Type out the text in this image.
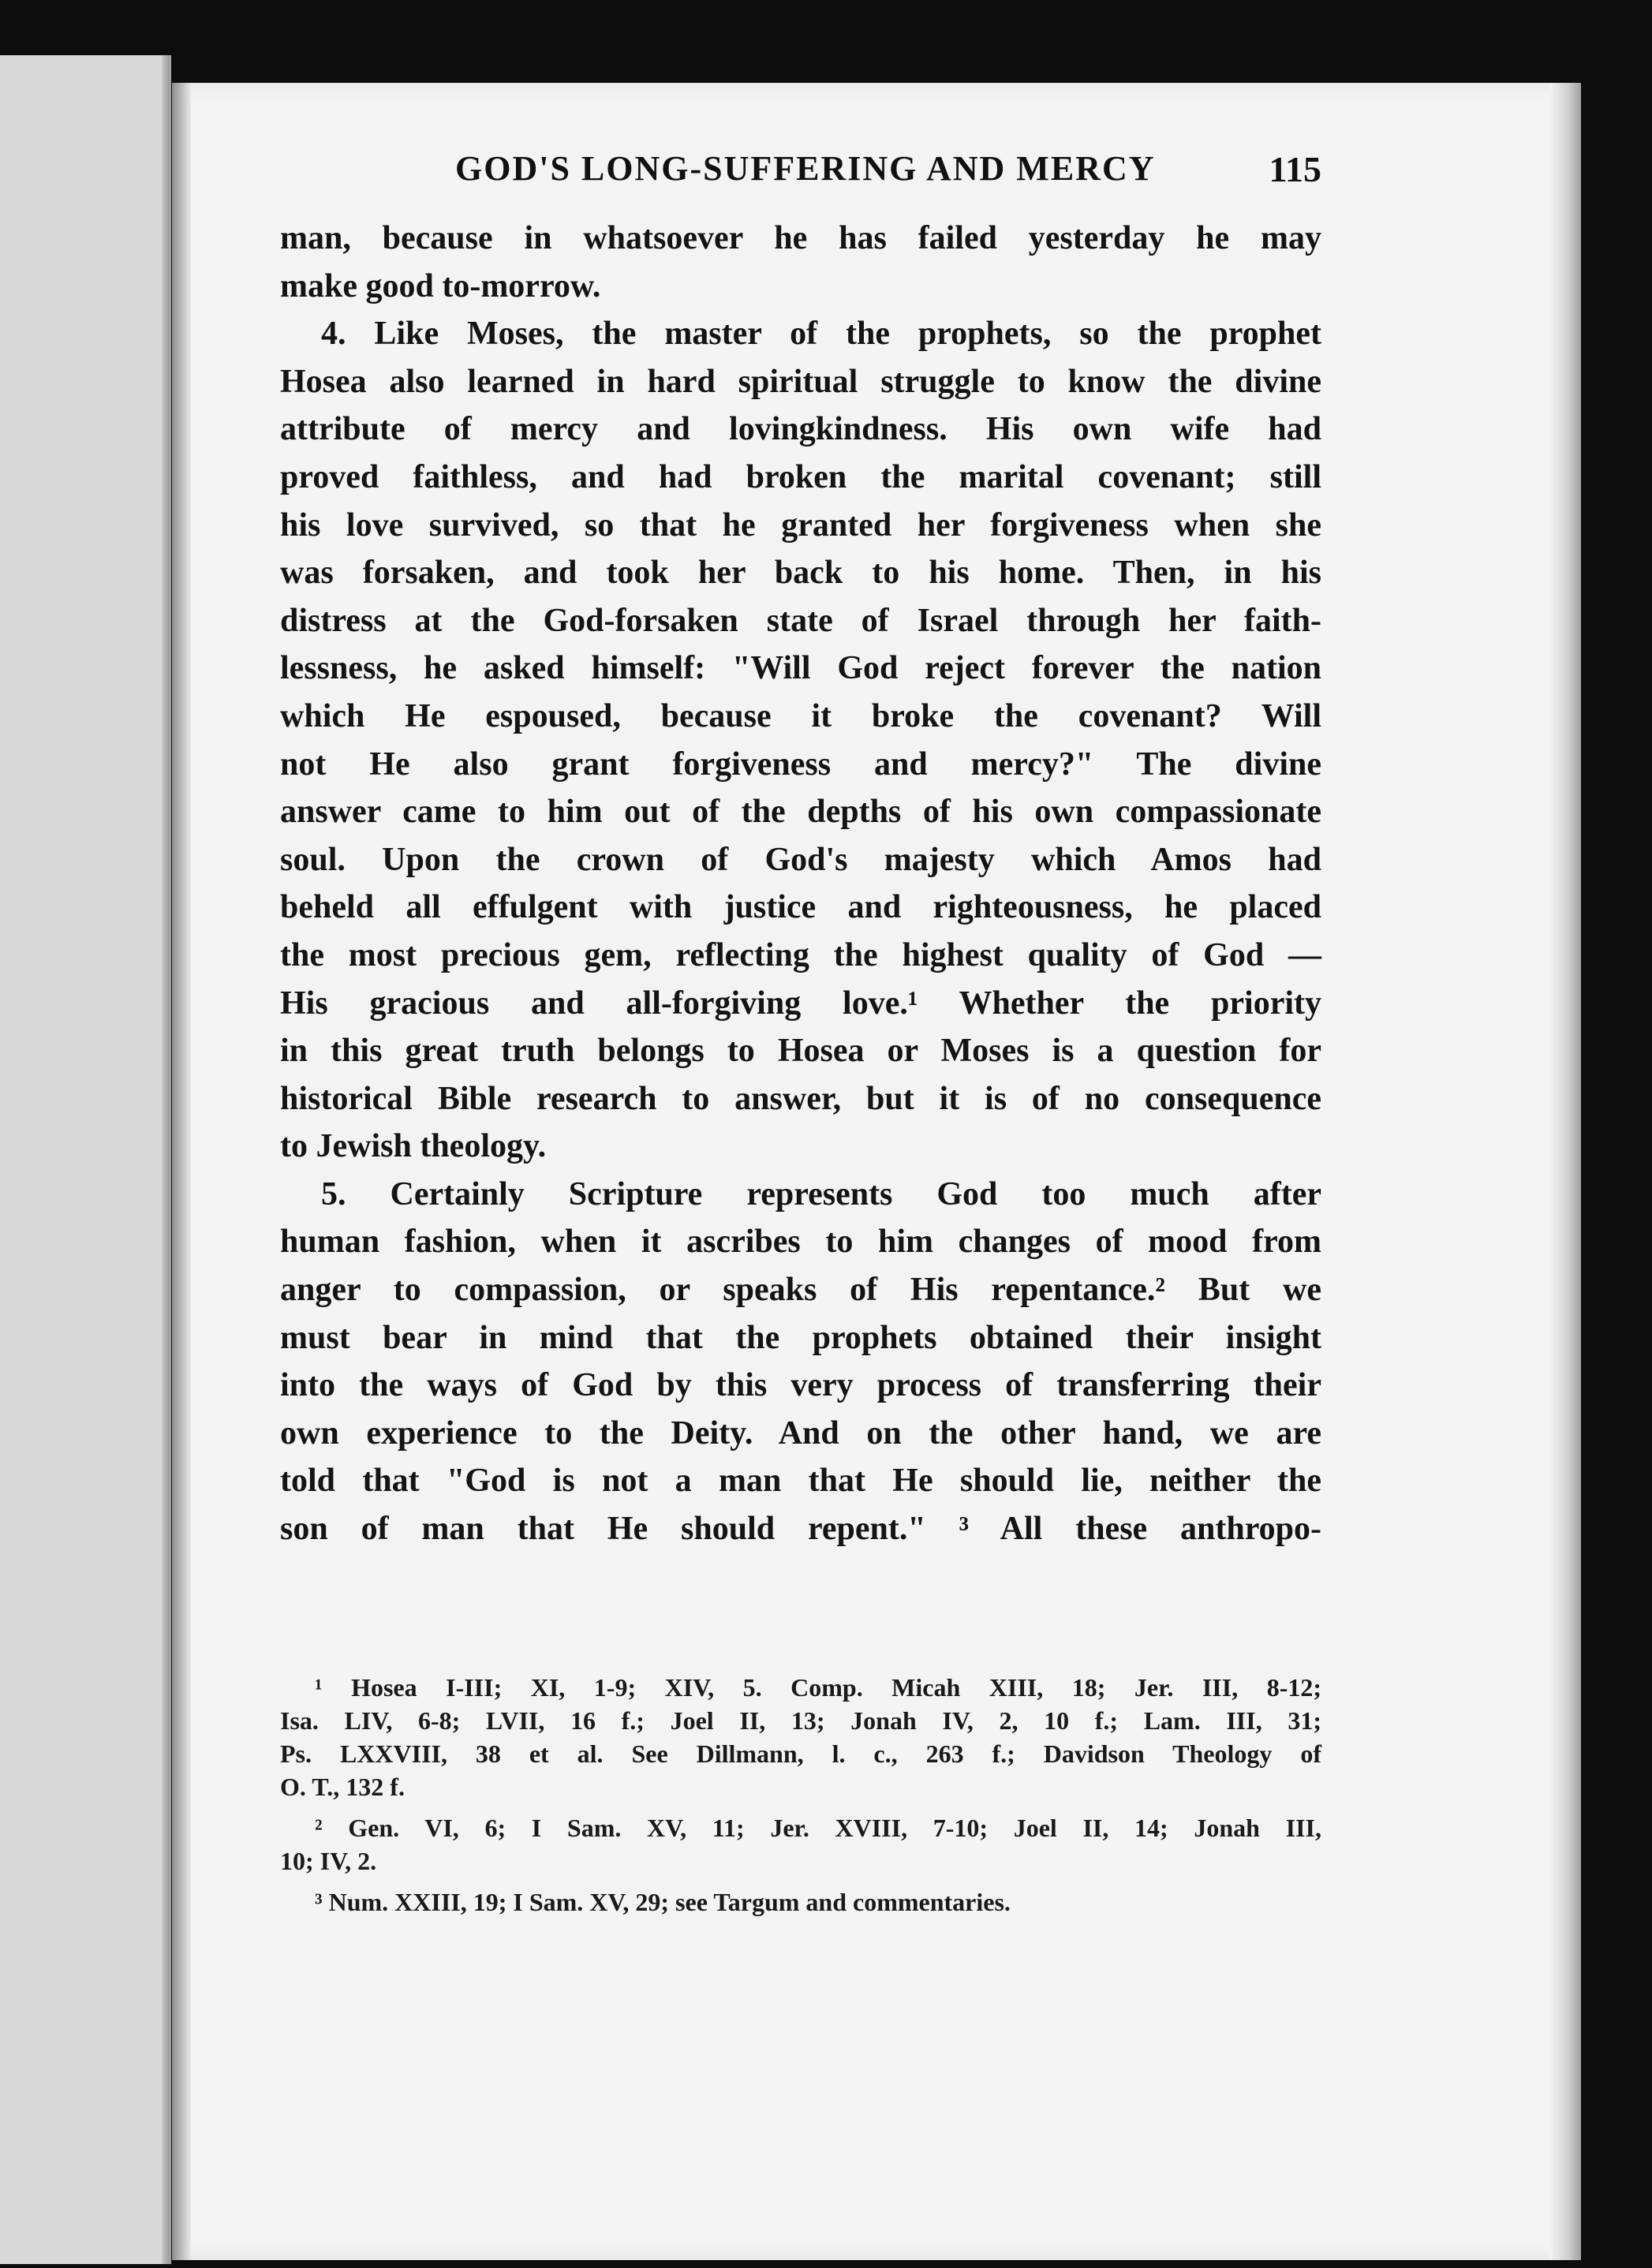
GOD'S LONG-SUFFERING AND MERCY	115
man, because in whatsoever he has failed yesterday he may
make good to-morrow.
4. Like Moses, the master of the prophets, so the prophet
Hosea also learned in hard spiritual struggle to know the divine
attribute of mercy and lovingkindness. His own wife had
proved faithless, and had broken the marital covenant; still
his love survived, so that he granted her forgiveness when she
was forsaken, and took her back to his home. Then, in his
distress at the God-forsaken state of Israel through her faith-
lessness, he asked himself: "Will God reject forever the nation
which He espoused, because it broke the covenant? Will
not He also grant forgiveness and mercy?" The divine
answer came to him out of the depths of his own compassionate
soul. Upon the crown of God's majesty which Amos had
beheld all effulgent with justice and righteousness, he placed
the most precious gem, reflecting the highest quality of God —
His gracious and all-forgiving love.¹ Whether the priority
in this great truth belongs to Hosea or Moses is a question for
historical Bible research to answer, but it is of no consequence
to Jewish theology.
5. Certainly Scripture represents God too much after
human fashion, when it ascribes to him changes of mood from
anger to compassion, or speaks of His repentance.² But we
must bear in mind that the prophets obtained their insight
into the ways of God by this very process of transferring their
own experience to the Deity. And on the other hand, we are
told that "God is not a man that He should lie, neither the
son of man that He should repent." ³ All these anthropo-
¹ Hosea I-III; XI, 1-9; XIV, 5. Comp. Micah XIII, 18; Jer. III, 8-12;
Isa. LIV, 6-8; LVII, 16 f.; Joel II, 13; Jonah IV, 2, 10 f.; Lam. III, 31;
Ps. LXXVIII, 38 et al. See Dillmann, l. c., 263 f.; Davidson Theology of
O. T., 132 f.
² Gen. VI, 6; I Sam. XV, 11; Jer. XVIII, 7-10; Joel II, 14; Jonah III,
10; IV, 2.
³ Num. XXIII, 19; I Sam. XV, 29; see Targum and commentaries.
